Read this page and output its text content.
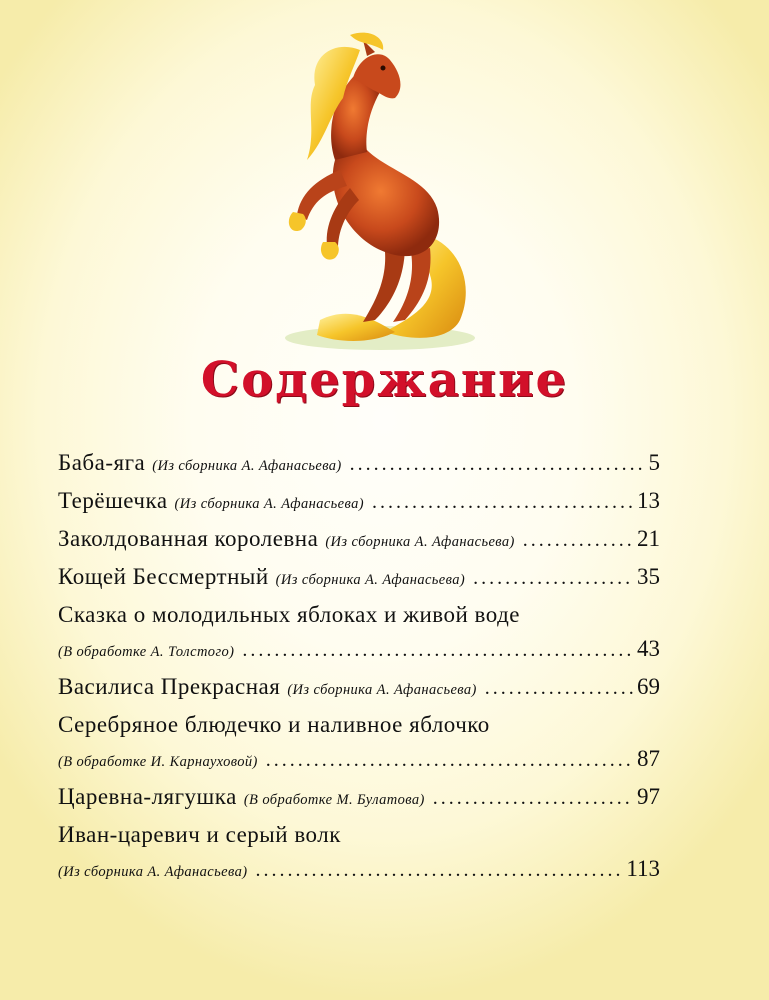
Содержание
Баба-яга (Из сборника А. Афанасьева) .....	5
Терёшечка (Из сборника А. Афанасьева) .....	13
Заколдованная королевна (Из сборника А. Афанасьева) .....	21
Кощей Бессмертный (Из сборника А. Афанасьева) .....	35
Сказка о молодильных яблоках и живой воде
(В обработке А. Толстого) .....	43
Василиса Прекрасная (Из сборника А. Афанасьева) .....	69
Серебряное блюдечко и наливное яблочко
(В обработке И. Карнауховой) .....	87
Царевна-лягушка (В обработке М. Булатова) .....	97
Иван-царевич и серый волк
(Из сборника А. Афанасьева) .....	113
